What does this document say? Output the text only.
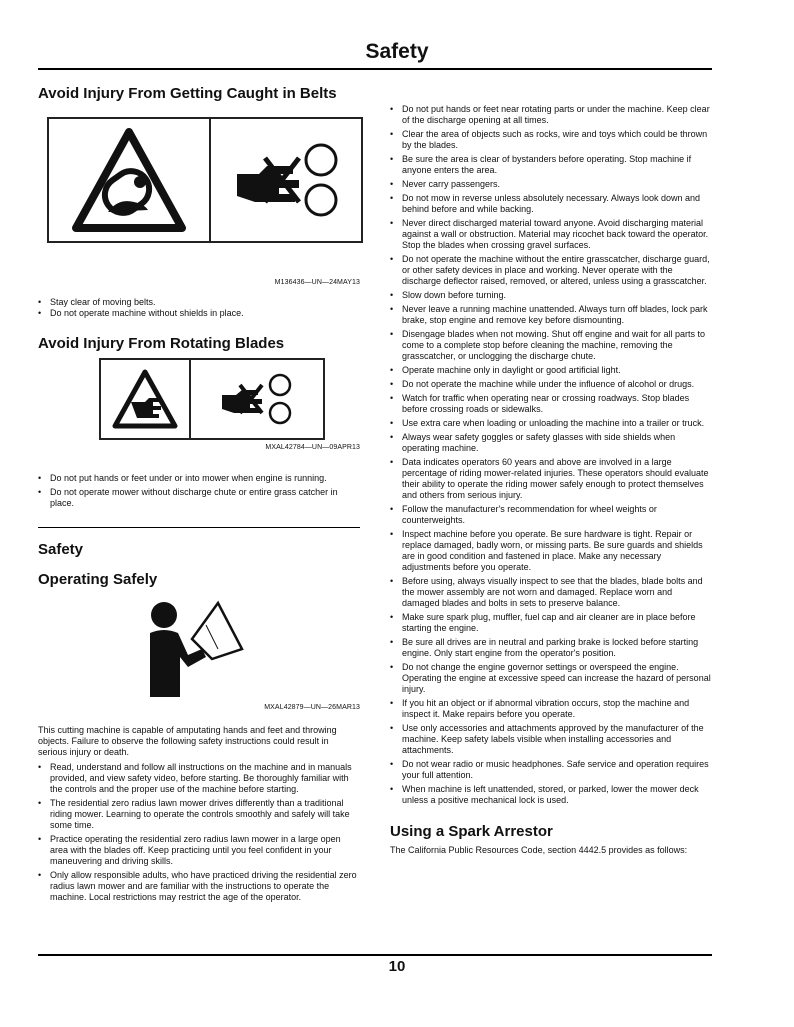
Safety
Avoid Injury From Getting Caught in Belts
M136436—UN—24MAY13
• Stay clear of moving belts.
• Do not operate machine without shields in place.
Avoid Injury From Rotating Blades
MXAL42784—UN—09APR13
• Do not put hands or feet under or into mower when engine is running.
• Do not operate mower without discharge chute or entire grass catcher in place.
Safety
Operating Safely
MXAL42879—UN—26MAR13

This cutting machine is capable of amputating hands and feet and throwing objects. Failure to observe the following safety instructions could result in serious injury or death.

• Read, understand and follow all instructions on the machine and in manuals provided, and view safety video, before starting. Be thoroughly familiar with the controls and the proper use of the machine before starting.
• The residential zero radius lawn mower drives differently than a traditional riding mower. Learning to operate the controls smoothly and safely will take some time.
• Practice operating the residential zero radius lawn mower in a large open area with the blades off. Keep practicing until you feel confident in your maneuvering and driving skills.
• Only allow responsible adults, who have practiced driving the residential zero radius lawn mower and are familiar with the instructions to operate the machine. Local restrictions may restrict the age of the operator.
• Do not put hands or feet near rotating parts or under the machine. Keep clear of the discharge opening at all times.
• Clear the area of objects such as rocks, wire and toys which could be thrown by the blades.
• Be sure the area is clear of bystanders before operating. Stop machine if anyone enters the area.
• Never carry passengers.
• Do not mow in reverse unless absolutely necessary. Always look down and behind before and while backing.
• Never direct discharged material toward anyone. Avoid discharging material against a wall or obstruction. Material may ricochet back toward the operator. Stop the blades when crossing gravel surfaces.
• Do not operate the machine without the entire grasscatcher, discharge guard, or other safety devices in place and working. Never operate with the discharge deflector raised, removed, or altered, unless using a grasscatcher.
• Slow down before turning.
• Never leave a running machine unattended. Always turn off blades, lock park brake, stop engine and remove key before dismounting.
• Disengage blades when not mowing. Shut off engine and wait for all parts to come to a complete stop before cleaning the machine, removing the grasscatcher, or unclogging the discharge chute.
• Operate machine only in daylight or good artificial light.
• Do not operate the machine while under the influence of alcohol or drugs.
• Watch for traffic when operating near or crossing roadways. Stop blades before crossing roads or sidewalks.
• Use extra care when loading or unloading the machine into a trailer or truck.
• Always wear safety goggles or safety glasses with side shields when operating machine.
• Data indicates operators 60 years and above are involved in a large percentage of riding mower-related injuries. These operators should evaluate their ability to operate the riding mower safely enough to protect themselves and others from serious injury.
• Follow the manufacturer's recommendation for wheel weights or counterweights.
• Inspect machine before you operate. Be sure hardware is tight. Repair or replace damaged, badly worn, or missing parts. Be sure guards and shields are in good condition and fastened in place. Make any necessary adjustments before you operate.
• Before using, always visually inspect to see that the blades, blade bolts and the mower assembly are not worn and damaged. Replace worn and damaged blades and bolts in sets to preserve balance.
• Make sure spark plug, muffler, fuel cap and air cleaner are in place before starting the engine.
• Be sure all drives are in neutral and parking brake is locked before starting engine. Only start engine from the operator's position.
• Do not change the engine governor settings or overspeed the engine. Operating the engine at excessive speed can increase the hazard of personal injury.
• If you hit an object or if abnormal vibration occurs, stop the machine and inspect it. Make repairs before you operate.
• Use only accessories and attachments approved by the manufacturer of the machine. Keep safety labels visible when installing accessories and attachments.
• Do not wear radio or music headphones. Safe service and operation requires your full attention.
• When machine is left unattended, stored, or parked, lower the mower deck unless a positive mechanical lock is used.
Using a Spark Arrestor

The California Public Resources Code, section 4442.5 provides as follows:

10
